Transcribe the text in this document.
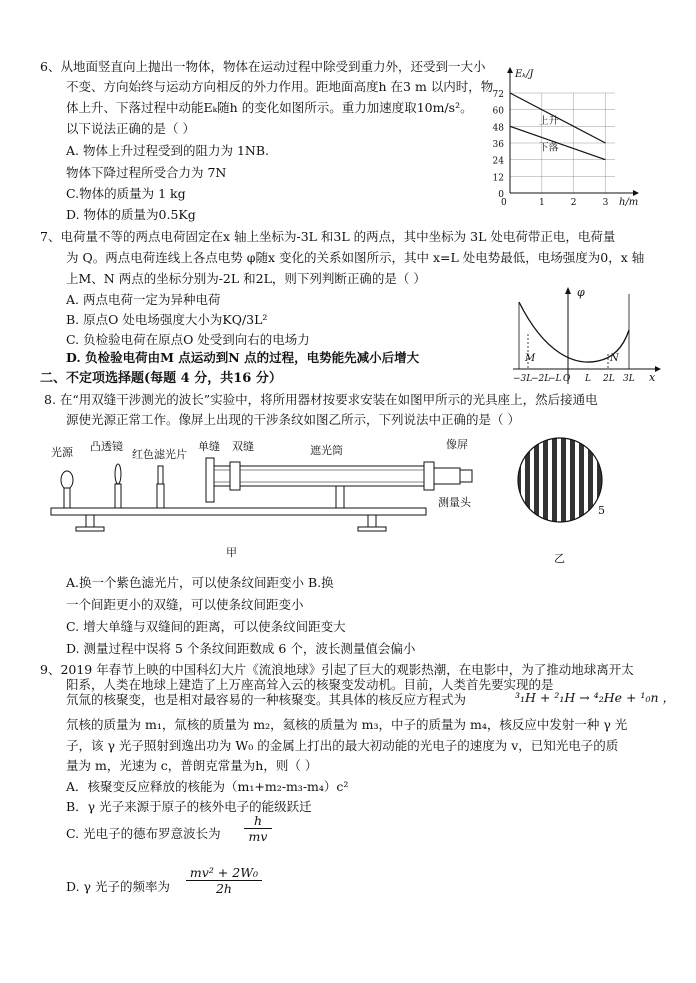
6、从地面竖直向上抛出一物体，物体在运动过程中除受到重力外，还受到一大小
不变、方向始终与运动方向相反的外力作用。距地面高度h 在3 m 以内时，物
体上升、下落过程中动能Eₖ随h 的变化如图所示。重力加速度取10m/s²。
以下说法正确的是（ ）
A. 物体上升过程受到的阻力为 1NB.
物体下降过程所受合力为 7N
C.物体的质量为 1 kg
D. 物体的质量为0.5Kg
72
60
48
36
24
12
0
1	2	3
0
Eₖ/J
h/m
上升
下落
7、电荷量不等的两点电荷固定在x 轴上坐标为-3L 和3L 的两点，其中坐标为 3L 处电荷带正电，电荷量
为 Q。两点电荷连线上各点电势 φ随x 变化的关系如图所示，其中 x=L 处电势最低，电场强度为0，x 轴
上M、N 两点的坐标分别为-2L 和2L，则下列判断正确的是（ ）
A. 两点电荷一定为异种电荷
B. 原点O 处电场强度大小为KQ/3L²
C. 负检验电荷在原点O 处受到向右的电场力
D. 负检验电荷由M 点运动到N 点的过程，电势能先减小后增大
φ
x
M	N
−3L
−2L
−L O L 2L 3L
二、不定项选择题(每题 4 分，共16 分）
8. 在“用双缝干涉测光的波长”实验中，将所用器材按要求安装在如图甲所示的光具座上，然后接通电
源使光源正常工作。像屏上出现的干涉条纹如图乙所示，下列说法中正确的是（ ）
光源 凸透镜
红色滤光片
单缝 双缝	遮光筒	像屏
测量头
甲
5
乙
A.换一个紫色滤光片，可以使条纹间距变小 B.换
一个间距更小的双缝，可以使条纹间距变小
C. 增大单缝与双缝间的距离，可以使条纹间距变大
D. 测量过程中误将 5 个条纹间距数成 6 个，波长测量值会偏小
9、2019 年春节上映的中国科幻大片《流浪地球》引起了巨大的观影热潮，在电影中，为了推动地球离开太
阳系，人类在地球上建造了上万座高耸入云的核聚变发动机。目前，人类首先要实现的是
氘氚的核聚变，也是相对最容易的一种核聚变。其具体的核反应方程式为	³₁H + ²₁H → ⁴₂He + ¹₀n ，
氘核的质量为 m₁，氚核的质量为 m₂，氦核的质量为 m₃，中子的质量为 m₄，核反应中发射一种 γ 光
子，该 γ 光子照射到逸出功为 W₀ 的金属上打出的最大初动能的光电子的速度为 v，已知光电子的质
量为 m，光速为 c，普朗克常量为h，则（ ）
A．核聚变反应释放的核能为（m₁+m₂-m₃-m₄）c²
B．γ 光子来源于原子的核外电子的能级跃迁
C. 光电子的德布罗意波长为 $\frac{h}{mv}$
D. γ 光子的频率为 $\frac{\text{mv² + 2W₀}}{2h}$
